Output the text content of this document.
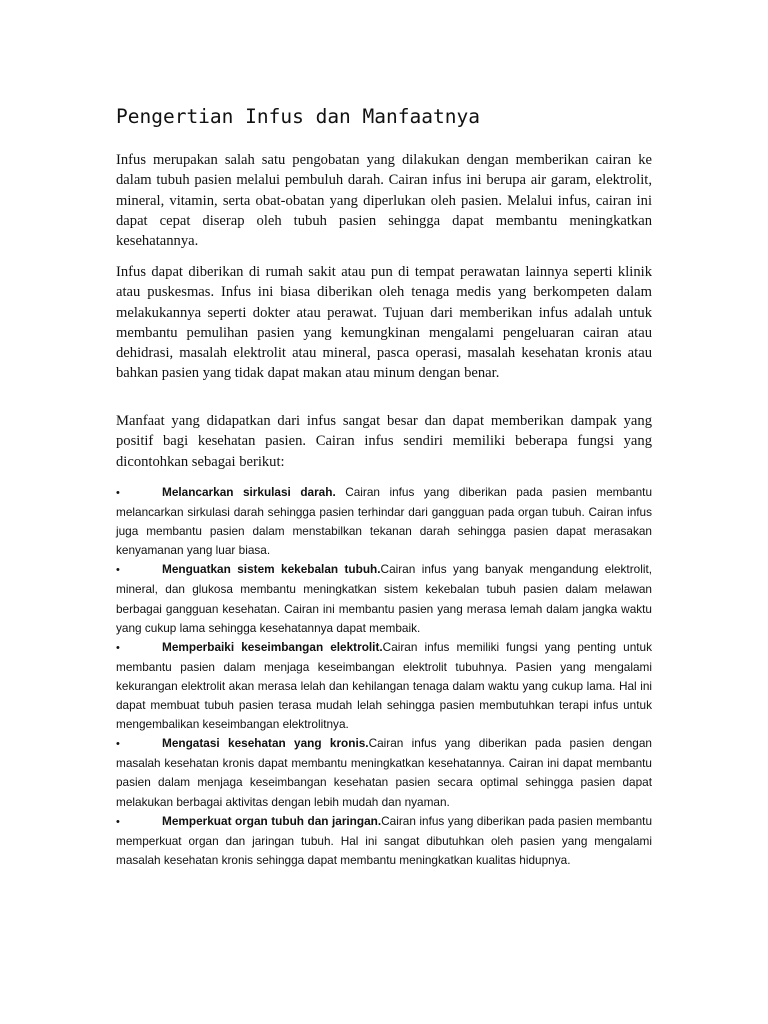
Pengertian Infus dan Manfaatnya

Infus merupakan salah satu pengobatan yang dilakukan dengan memberikan cairan ke dalam tubuh pasien melalui pembuluh darah. Cairan infus ini berupa air garam, elektrolit, mineral, vitamin, serta obat-obatan yang diperlukan oleh pasien. Melalui infus, cairan ini dapat cepat diserap oleh tubuh pasien sehingga dapat membantu meningkatkan kesehatannya.

Infus dapat diberikan di rumah sakit atau pun di tempat perawatan lainnya seperti klinik atau puskesmas. Infus ini biasa diberikan oleh tenaga medis yang berkompeten dalam melakukannya seperti dokter atau perawat. Tujuan dari memberikan infus adalah untuk membantu pemulihan pasien yang kemungkinan mengalami pengeluaran cairan atau dehidrasi, masalah elektrolit atau mineral, pasca operasi, masalah kesehatan kronis atau bahkan pasien yang tidak dapat makan atau minum dengan benar.

Manfaat yang didapatkan dari infus sangat besar dan dapat memberikan dampak yang positif bagi kesehatan pasien. Cairan infus sendiri memiliki beberapa fungsi yang dicontohkan sebagai berikut:

•	Melancarkan sirkulasi darah. Cairan infus yang diberikan pada pasien membantu melancarkan sirkulasi darah sehingga pasien terhindar dari gangguan pada organ tubuh. Cairan infus juga membantu pasien dalam menstabilkan tekanan darah sehingga pasien dapat merasakan kenyamanan yang luar biasa.
•	Menguatkan sistem kekebalan tubuh.Cairan infus yang banyak mengandung elektrolit, mineral, dan glukosa membantu meningkatkan sistem kekebalan tubuh pasien dalam melawan berbagai gangguan kesehatan. Cairan ini membantu pasien yang merasa lemah dalam jangka waktu yang cukup lama sehingga kesehatannya dapat membaik.
•	Memperbaiki keseimbangan elektrolit.Cairan infus memiliki fungsi yang penting untuk membantu pasien dalam menjaga keseimbangan elektrolit tubuhnya. Pasien yang mengalami kekurangan elektrolit akan merasa lelah dan kehilangan tenaga dalam waktu yang cukup lama. Hal ini dapat membuat tubuh pasien terasa mudah lelah sehingga pasien membutuhkan terapi infus untuk mengembalikan keseimbangan elektrolitnya.
•	Mengatasi kesehatan yang kronis.Cairan infus yang diberikan pada pasien dengan masalah kesehatan kronis dapat membantu meningkatkan kesehatannya. Cairan ini dapat membantu pasien dalam menjaga keseimbangan kesehatan pasien secara optimal sehingga pasien dapat melakukan berbagai aktivitas dengan lebih mudah dan nyaman.
•	Memperkuat organ tubuh dan jaringan.Cairan infus yang diberikan pada pasien membantu memperkuat organ dan jaringan tubuh. Hal ini sangat dibutuhkan oleh pasien yang mengalami masalah kesehatan kronis sehingga dapat membantu meningkatkan kualitas hidupnya.
